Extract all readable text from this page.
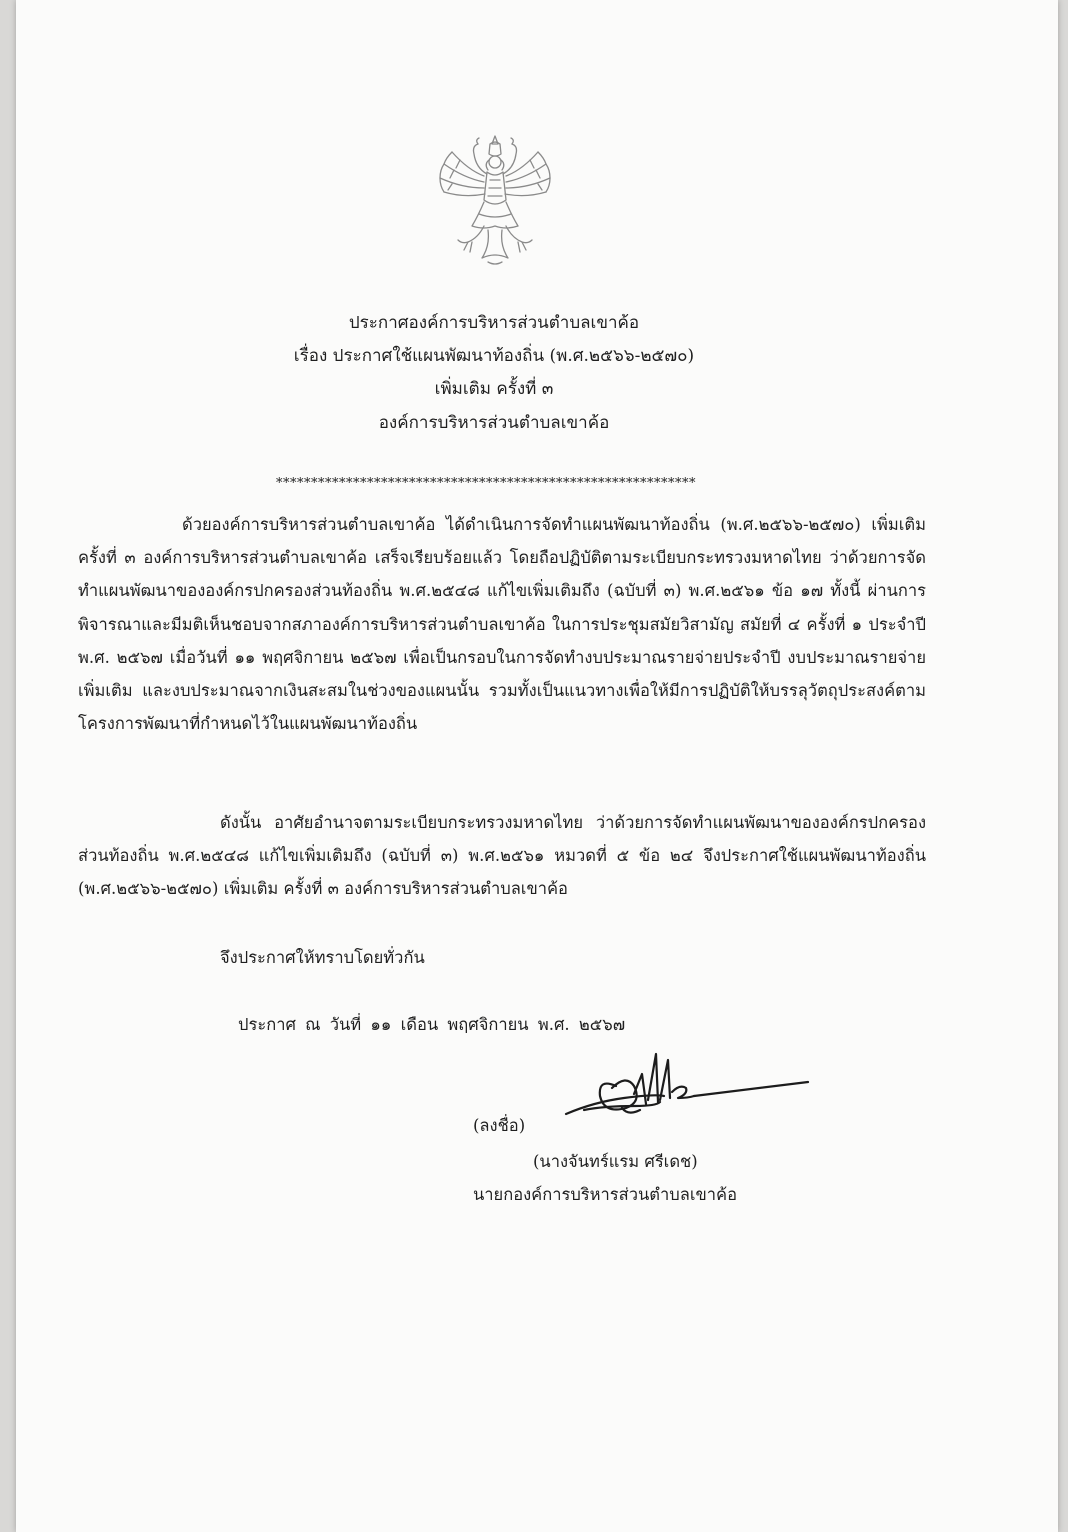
ประกาศองค์การบริหารส่วนตำบลเขาค้อ
เรื่อง ประกาศใช้แผนพัฒนาท้องถิ่น (พ.ศ.๒๕๖๖-๒๕๗๐)
เพิ่มเติม ครั้งที่ ๓
องค์การบริหารส่วนตำบลเขาค้อ
************************************************************
ด้วยองค์การบริหารส่วนตำบลเขาค้อ ได้ดำเนินการจัดทำแผนพัฒนาท้องถิ่น (พ.ศ.๒๕๖๖-๒๕๗๐) เพิ่มเติม ครั้งที่ ๓ องค์การบริหารส่วนตำบลเขาค้อ เสร็จเรียบร้อยแล้ว โดยถือปฏิบัติตามระเบียบกระทรวงมหาดไทย ว่าด้วยการจัดทำแผนพัฒนาขององค์กรปกครองส่วนท้องถิ่น พ.ศ.๒๕๔๘ แก้ไขเพิ่มเติมถึง (ฉบับที่ ๓) พ.ศ.๒๕๖๑ ข้อ ๑๗ ทั้งนี้ ผ่านการพิจารณาและมีมติเห็นชอบจากสภาองค์การบริหารส่วนตำบลเขาค้อ ในการประชุมสมัยวิสามัญ สมัยที่ ๔ ครั้งที่ ๑ ประจำปี พ.ศ. ๒๕๖๗ เมื่อวันที่ ๑๑ พฤศจิกายน ๒๕๖๗ เพื่อเป็นกรอบในการจัดทำงบประมาณรายจ่ายประจำปี งบประมาณรายจ่ายเพิ่มเติม และงบประมาณจากเงินสะสมในช่วงของแผนนั้น รวมทั้งเป็นแนวทางเพื่อให้มีการปฏิบัติให้บรรลุวัตถุประสงค์ตามโครงการพัฒนาที่กำหนดไว้ในแผนพัฒนาท้องถิ่น
ดังนั้น อาศัยอำนาจตามระเบียบกระทรวงมหาดไทย ว่าด้วยการจัดทำแผนพัฒนาขององค์กรปกครองส่วนท้องถิ่น พ.ศ.๒๕๔๘ แก้ไขเพิ่มเติมถึง (ฉบับที่ ๓) พ.ศ.๒๕๖๑ หมวดที่ ๕ ข้อ ๒๔ จึงประกาศใช้แผนพัฒนาท้องถิ่น (พ.ศ.๒๕๖๖-๒๕๗๐) เพิ่มเติม ครั้งที่ ๓ องค์การบริหารส่วนตำบลเขาค้อ
จึงประกาศให้ทราบโดยทั่วกัน
ประกาศ ณ วันที่ ๑๑ เดือน พฤศจิกายน พ.ศ. ๒๕๖๗
(ลงชื่อ)
(นางจันทร์แรม ศรีเดช)
นายกองค์การบริหารส่วนตำบลเขาค้อ
